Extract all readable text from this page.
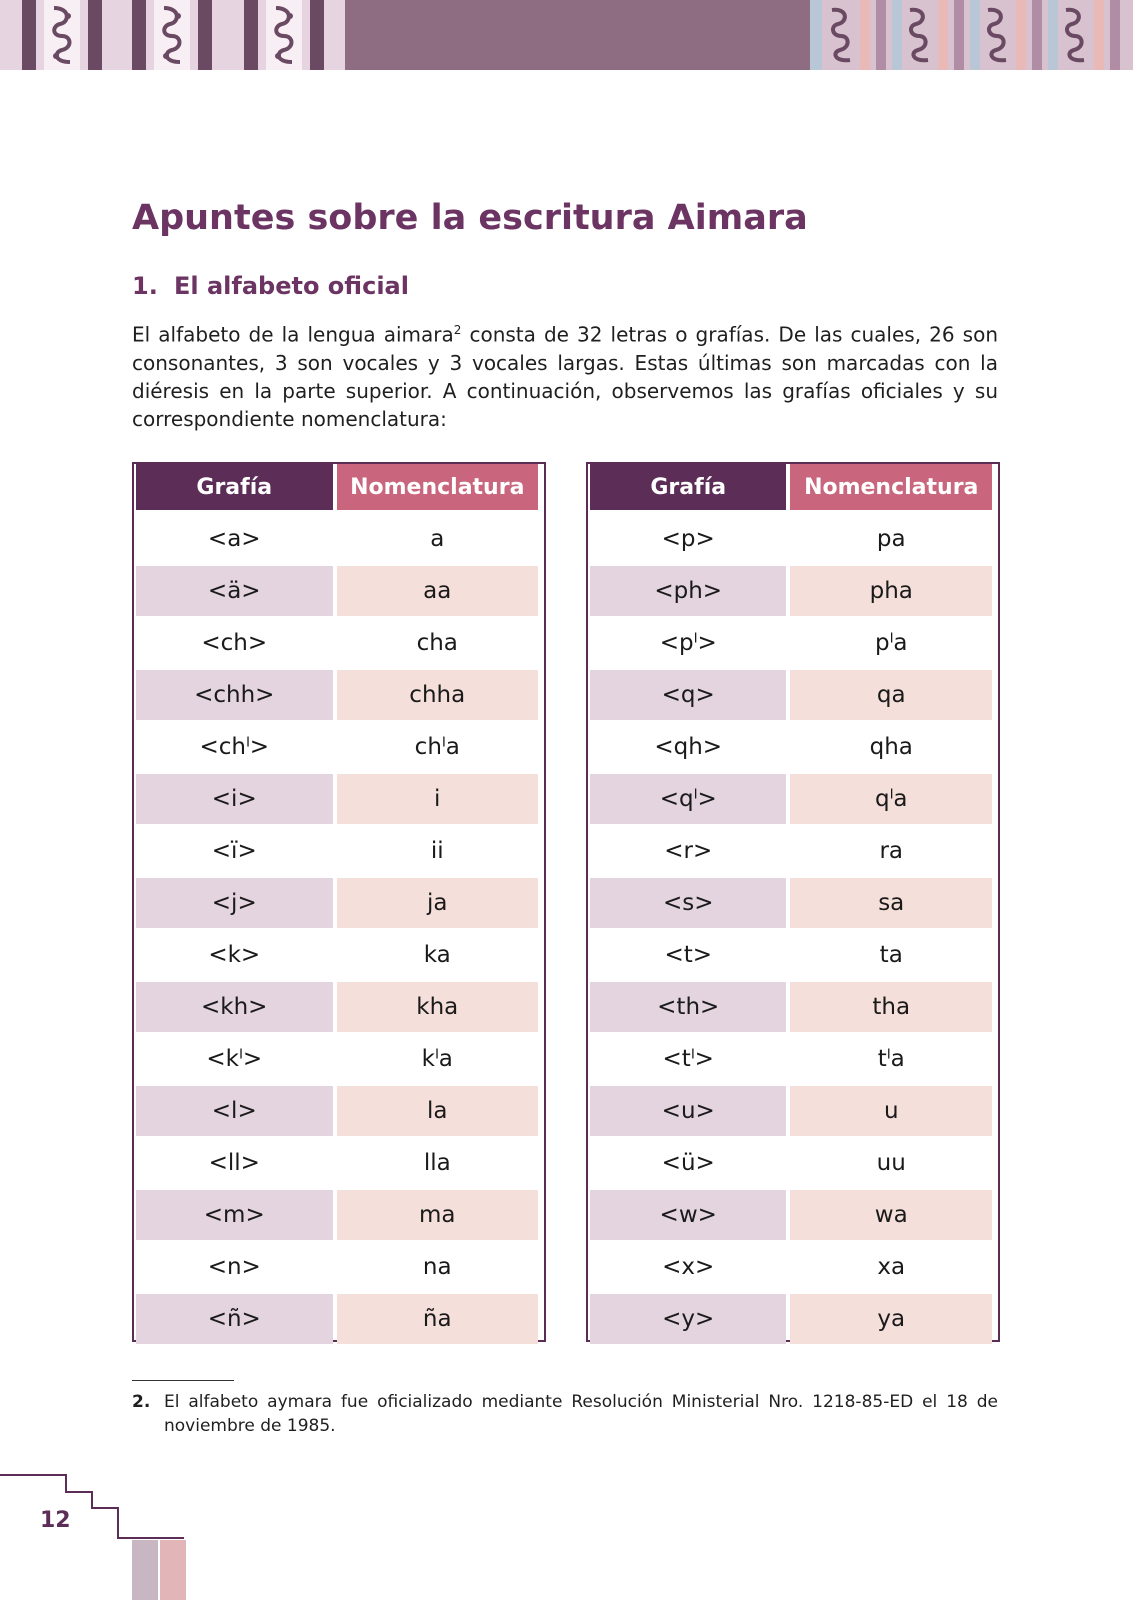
Apuntes sobre la escritura Aimara
1. El alfabeto oficial

El alfabeto de la lengua aimara$^2$ consta de 32 letras o grafías. De las cuales, 26 son consonantes, 3 son vocales y 3 vocales largas. Estas últimas son marcadas con la diéresis en la parte superior. A continuación, observemos las grafías oficiales y su correspondiente nomenclatura:

Grafía	Nomenclatura
<a>	a
<ä>	aa
<ch>	cha
<chh>	chha
<chˡ>	chˡa
<i>	i
<ï>	ii
<j>	ja
<k>	ka
<kh>	kha
<kˡ>	kˡa
<l>	la
<ll>	lla
<m>	ma
<n>	na
<ñ>	ña
Grafía	Nomenclatura
<p>	pa
<ph>	pha
<pˡ>	pˡa
<q>	qa
<qh>	qha
<qˡ>	qˡa
<r>	ra
<s>	sa
<t>	ta
<th>	tha
<tˡ>	tˡa
<u>	u
<ü>	uu
<w>	wa
<x>	xa
<y>	ya

2. El alfabeto aymara fue oficializado mediante Resolución Ministerial Nro. 1218-85-ED el 18 de noviembre de 1985.

12
